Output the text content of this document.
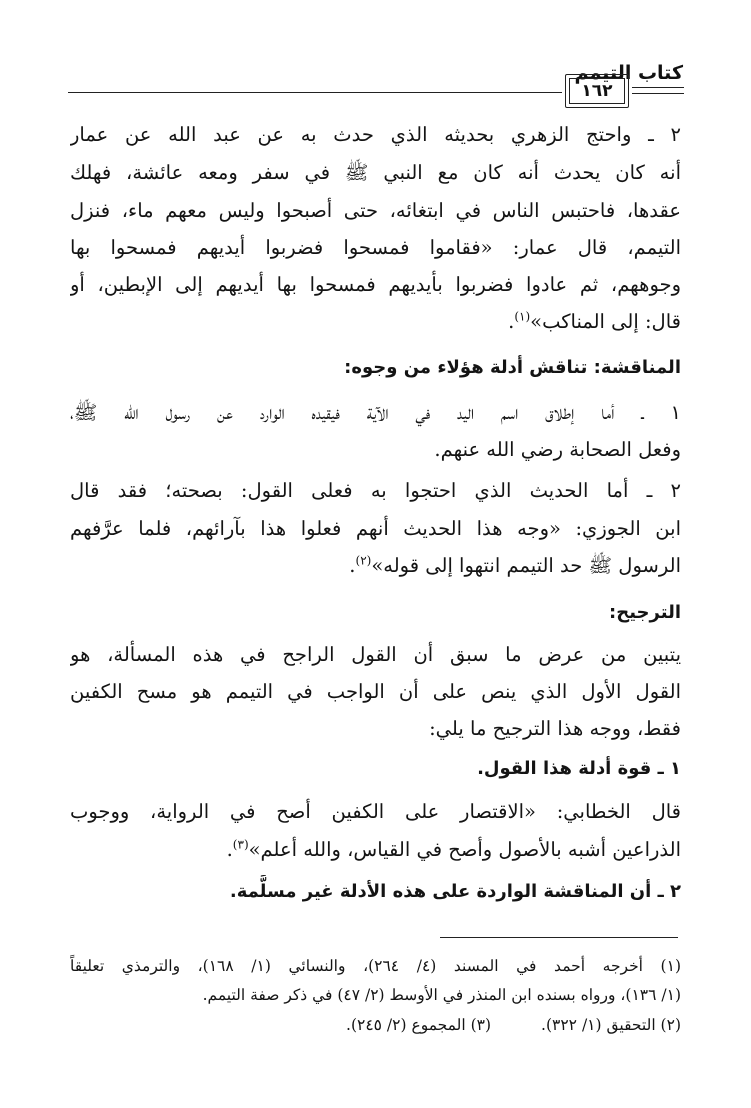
كتاب التيمم
١٦٢
٢ ـ واحتج الزهري بحديثه الذي حدث به عن عبد الله عن عمار
أنه كان يحدث أنه كان مع النبي ﷺ في سفر ومعه عائشة، فهلك
عقدها، فاحتبس الناس في ابتغائه، حتى أصبحوا وليس معهم ماء، فنزل
التيمم، قال عمار: «فقاموا فمسحوا فضربوا أيديهم فمسحوا بها
وجوههم، ثم عادوا فضربوا بأيديهم فمسحوا بها أيديهم إلى الإبطين، أو
قال: إلى المناكب»$^{(١)}$.
المناقشة: تناقش أدلة هؤلاء من وجوه:
١ ـ أما إطلاق اسم اليد في الآية فيقيده الوارد عن رسول الله ﷺ،
وفعل الصحابة رضي الله عنهم.
٢ ـ أما الحديث الذي احتجوا به فعلى القول: بصحته؛ فقد قال
ابن الجوزي: «وجه هذا الحديث أنهم فعلوا هذا بآرائهم، فلما عرَّفهم
الرسول ﷺ حد التيمم انتهوا إلى قوله»$^{(٢)}$.
الترجيح:
يتبين من عرض ما سبق أن القول الراجح في هذه المسألة، هو
القول الأول الذي ينص على أن الواجب في التيمم هو مسح الكفين
فقط، ووجه هذا الترجيح ما يلي:
١ ـ قوة أدلة هذا القول.
قال الخطابي: «الاقتصار على الكفين أصح في الرواية، ووجوب
الذراعين أشبه بالأصول وأصح في القياس، والله أعلم»$^{(٣)}$.
٢ ـ أن المناقشة الواردة على هذه الأدلة غير مسلَّمة.
(١) أخرجه أحمد في المسند (٤/ ٢٦٤)، والنسائي (١/ ١٦٨)، والترمذي تعليقاً
(١/ ١٣٦)، ورواه بسنده ابن المنذر في الأوسط (٢/ ٤٧) في ذكر صفة التيمم.
(٢) التحقيق (١/ ٣٢٢).(٣) المجموع (٢/ ٢٤٥).
